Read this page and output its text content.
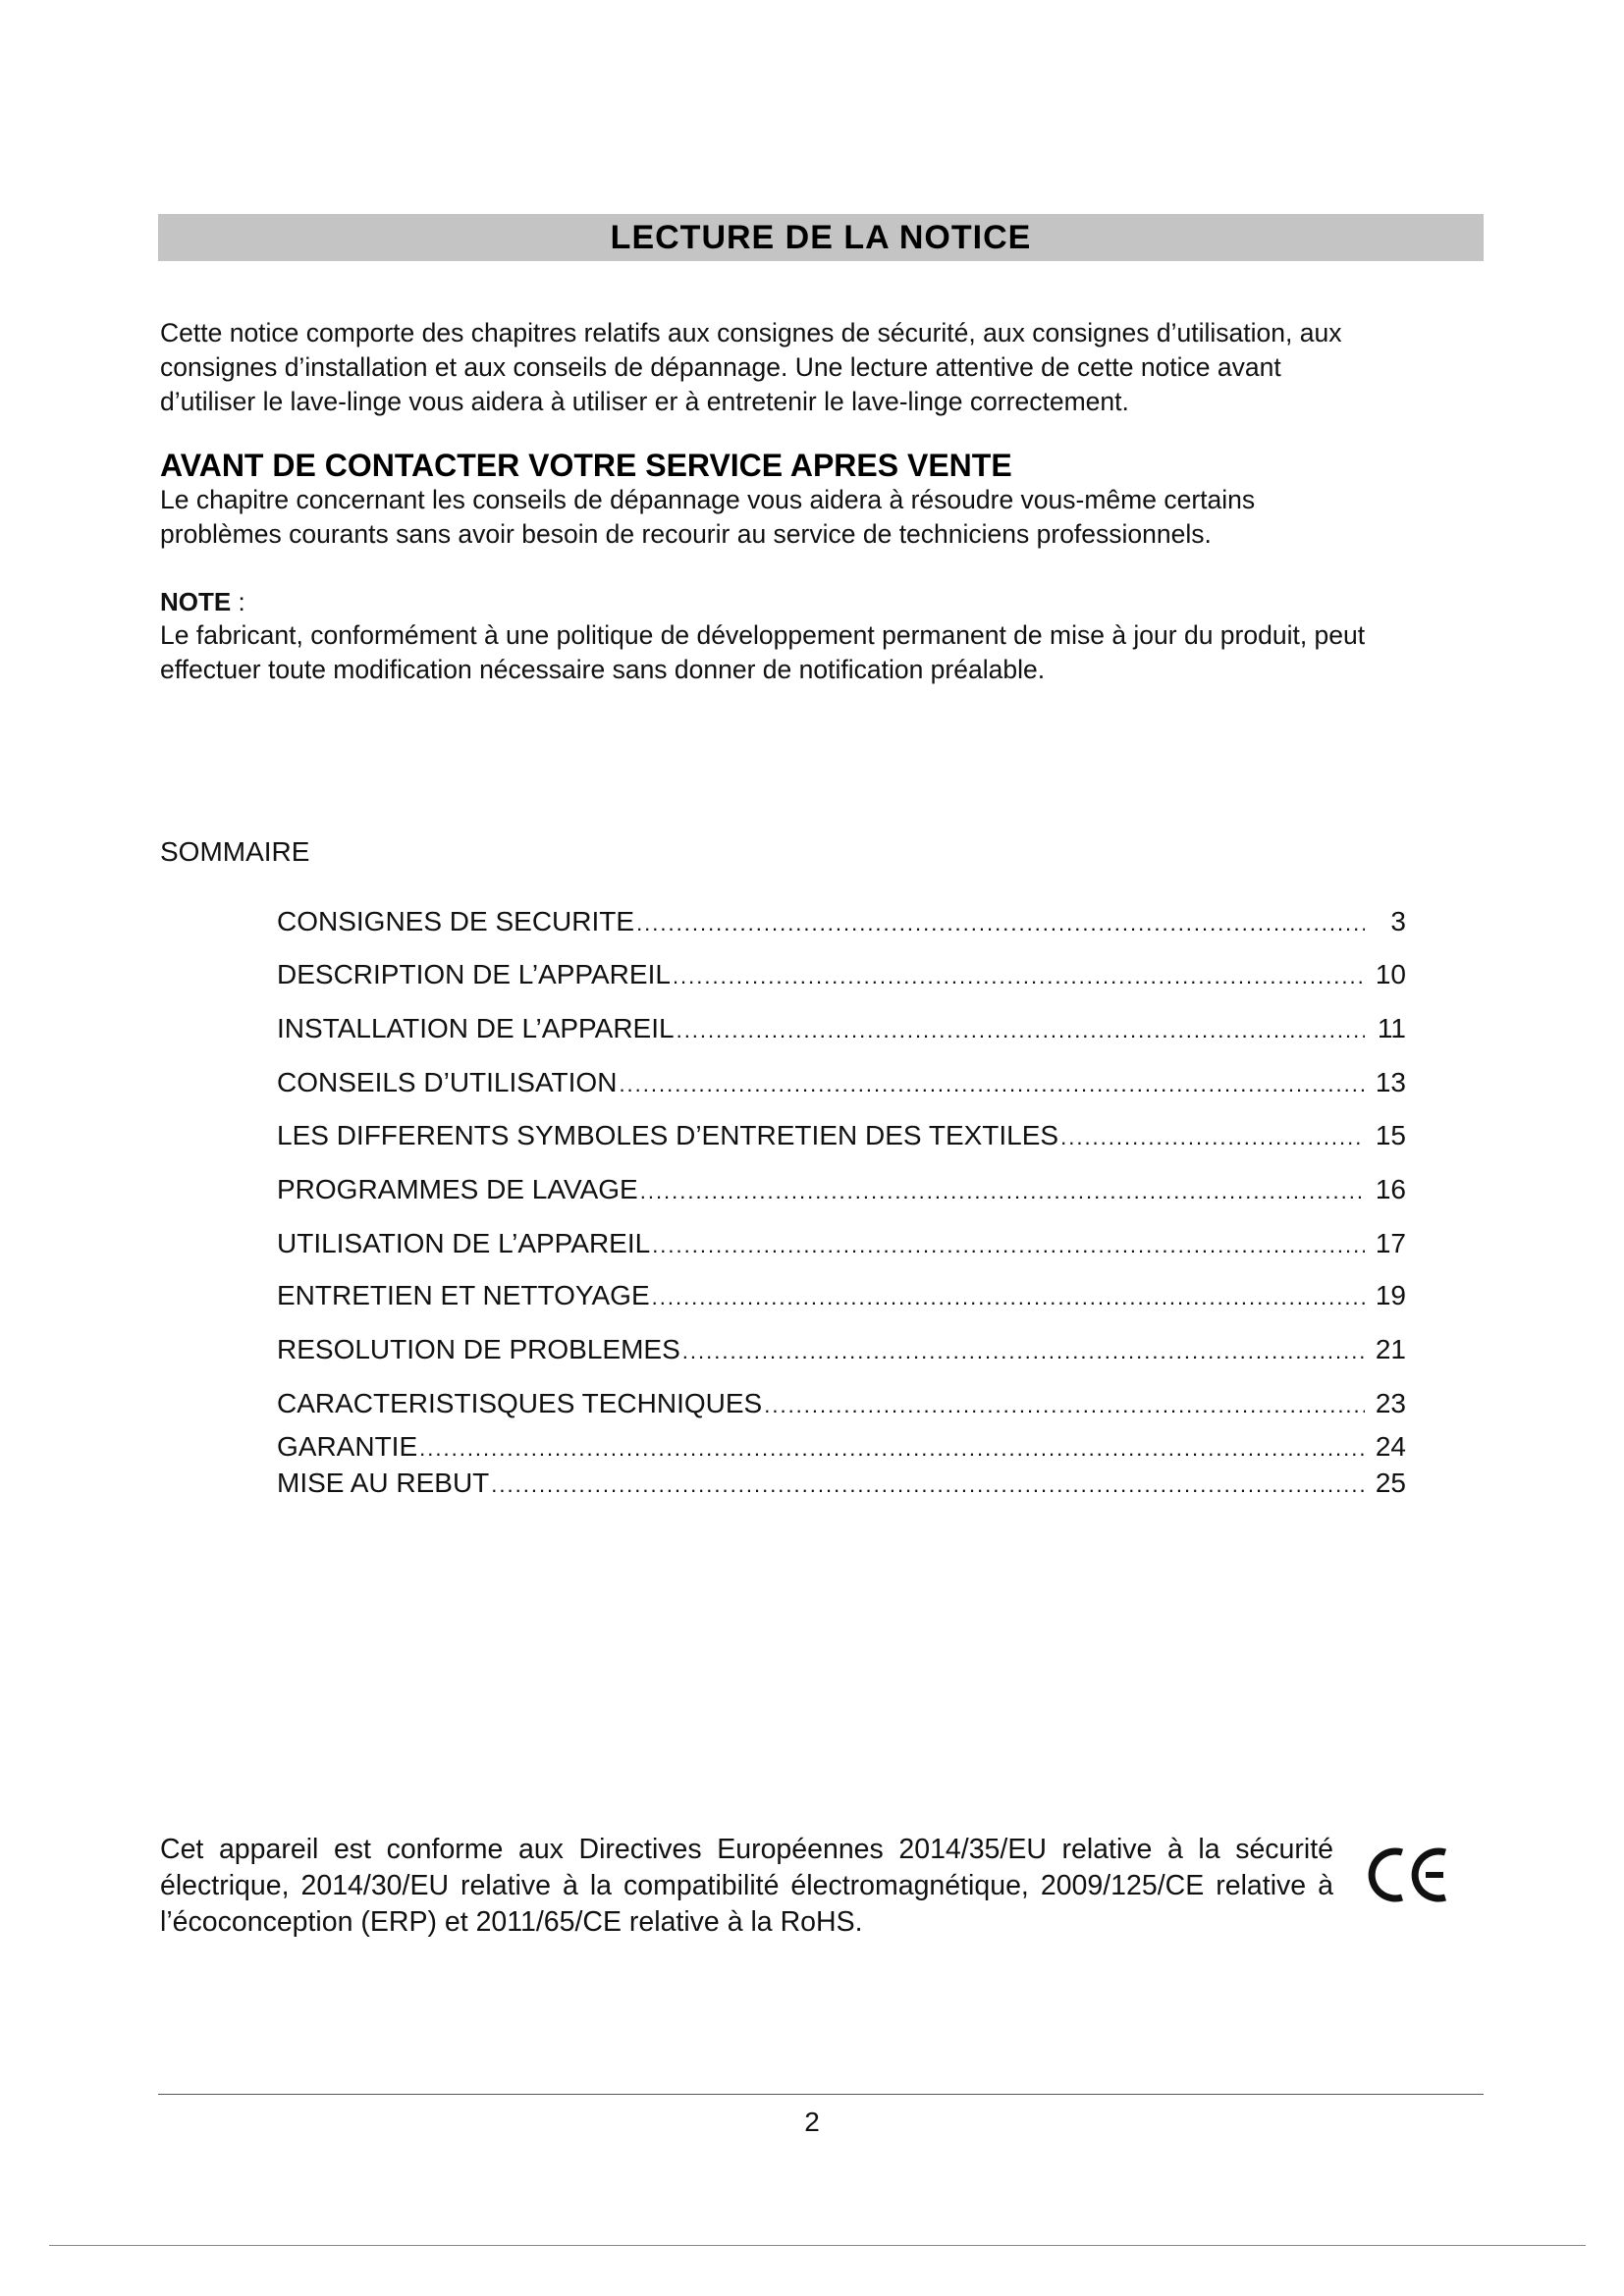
LECTURE DE LA NOTICE
Cette notice comporte des chapitres relatifs aux consignes de sécurité, aux consignes d’utilisation, aux
consignes d’installation et aux conseils de dépannage. Une lecture attentive de cette notice avant
d’utiliser le lave-linge vous aidera à utiliser er à entretenir le lave-linge correctement.
AVANT DE CONTACTER VOTRE SERVICE APRES VENTE
Le chapitre concernant les conseils de dépannage vous aidera à résoudre vous-même certains
problèmes courants sans avoir besoin de recourir au service de techniciens professionnels.
NOTE :
Le fabricant, conformément à une politique de développement permanent de mise à jour du produit, peut
effectuer toute modification nécessaire sans donner de notification préalable.
SOMMAIRE
CONSIGNES DE SECURITE .....	3
DESCRIPTION DE L’APPAREIL .....	10
INSTALLATION DE L’APPAREIL .....	11
CONSEILS D’UTILISATION .....	13
LES DIFFERENTS SYMBOLES D’ENTRETIEN DES TEXTILES .....	15
PROGRAMMES DE LAVAGE .....	16
UTILISATION DE L’APPAREIL .....	17
ENTRETIEN ET NETTOYAGE .....	19
RESOLUTION DE PROBLEMES .....	21
CARACTERISTISQUES TECHNIQUES .....	23
GARANTIE .....	24
MISE AU REBUT .....	25
Cet appareil est conforme aux Directives Européennes 2014/35/EU relative à la sécurité électrique, 2014/30/EU relative à la compatibilité électromagnétique, 2009/125/CE relative à l’écoconception (ERP) et 2011/65/CE relative à la RoHS.
2
